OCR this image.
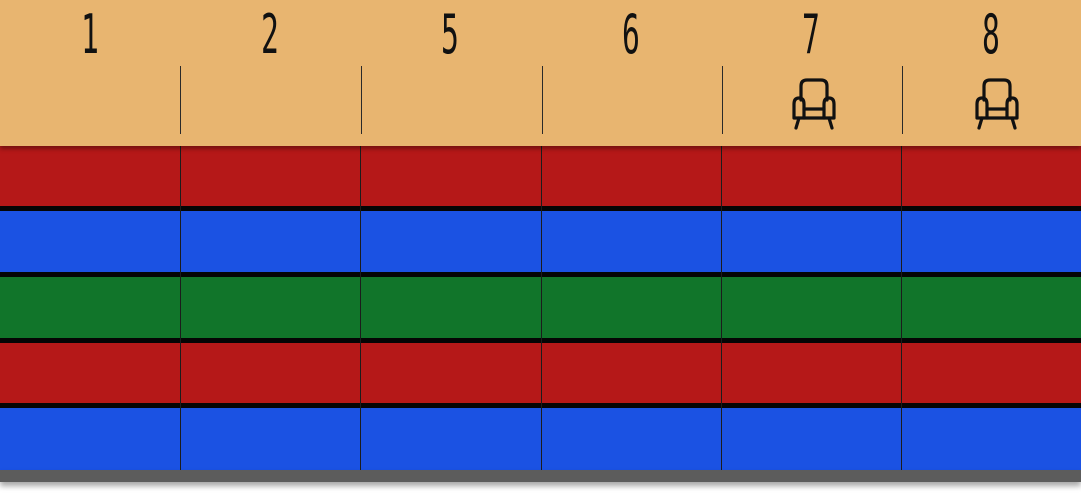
1	2	5	6	7	8
